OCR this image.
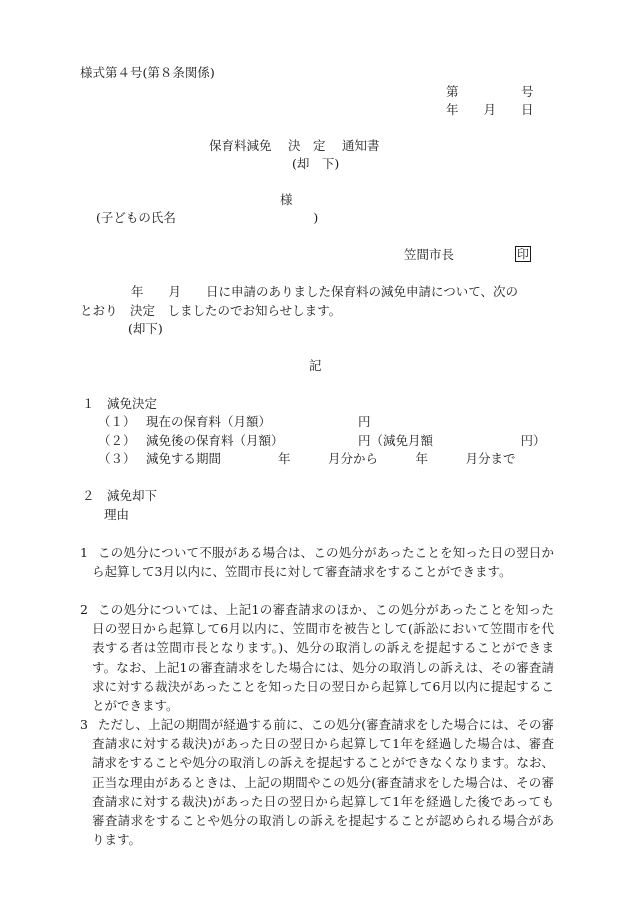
様式第４号(第８条関係)
第　　　　　号
年　　月　　日
保育料減免　 決　定 　通知書
(却　下)
様
(子どもの氏名　　　　　　　　　　　)
笠間市長	印
年　　月　　日に申請のありました保育料の減免申請について、次の
とおり　決定　しましたのでお知らせします。
(却下)
記
１　減免決定
（１） 現在の保育料（月額）	円
（２） 減免後の保育料（月額）	円（減免月額　　　　　　　円）
（３） 減免する期間	年　　　月分から　　　年　　　月分まで
２　減免却下
理由
1 この処分について不服がある場合は、この処分があったことを知った日の翌日から起算して3月以内に、笠間市長に対して審査請求をすることができます。
2 この処分については、上記1の審査請求のほか、この処分があったことを知った日の翌日から起算して6月以内に、笠間市を被告として(訴訟において笠間市を代表する者は笠間市長となります。)、処分の取消しの訴えを提起することができます。なお、上記1の審査請求をした場合には、処分の取消しの訴えは、その審査請求に対する裁決があったことを知った日の翌日から起算して6月以内に提起することができます。
3 ただし、上記の期間が経過する前に、この処分(審査請求をした場合には、その審査請求に対する裁決)があった日の翌日から起算して1年を経過した場合は、審査請求をすることや処分の取消しの訴えを提起することができなくなります。なお、正当な理由があるときは、上記の期間やこの処分(審査請求をした場合は、その審査請求に対する裁決)があった日の翌日から起算して1年を経過した後であっても審査請求をすることや処分の取消しの訴えを提起することが認められる場合があります。
